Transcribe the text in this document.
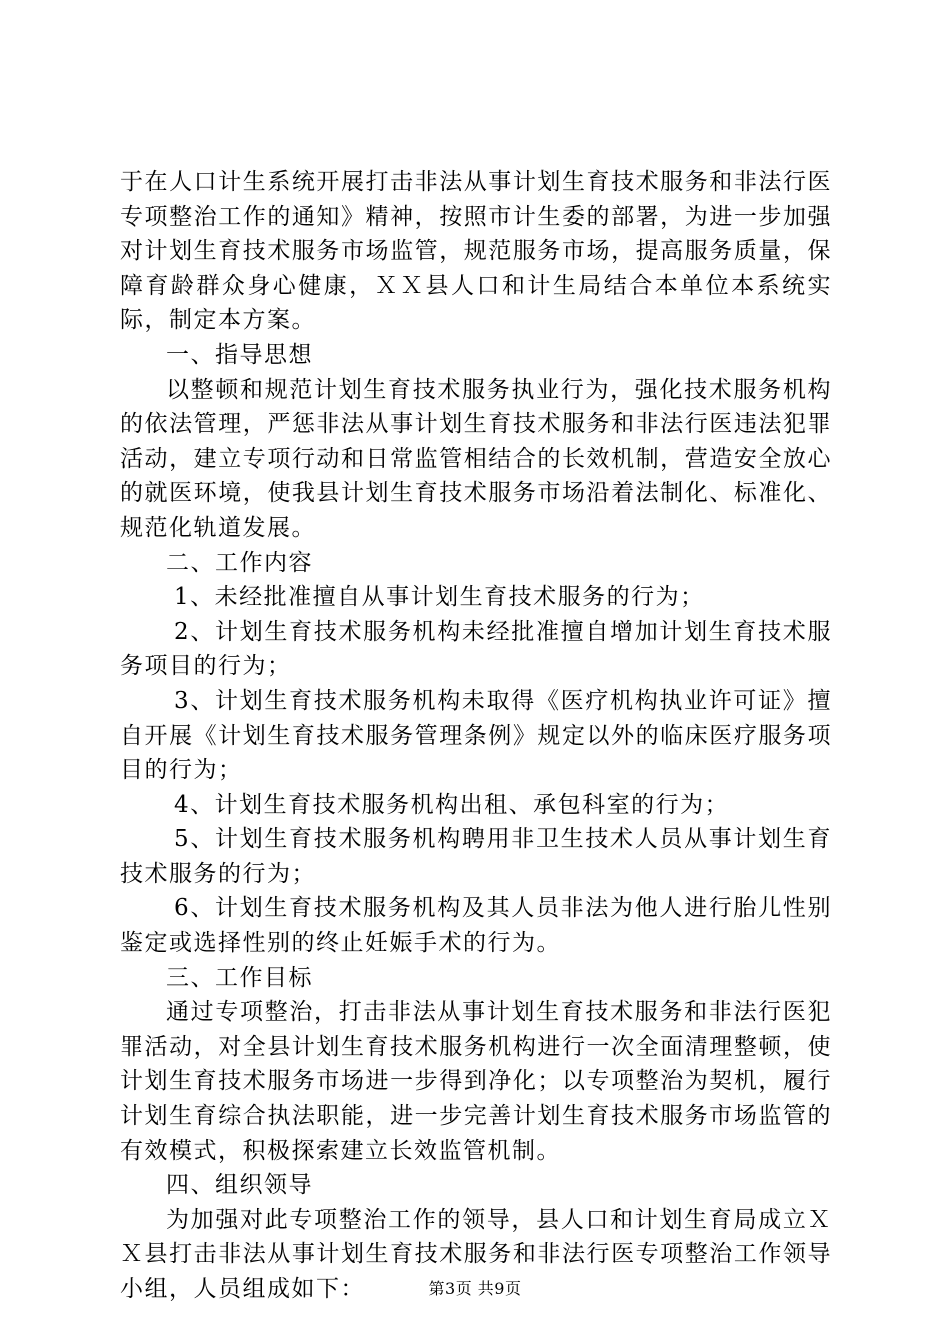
于在人口计生系统开展打击非法从事计划生育技术服务和非法行医专项整治工作的通知》精神，按照市计生委的部署，为进一步加强对计划生育技术服务市场监管，规范服务市场，提高服务质量，保障育龄群众身心健康，ＸＸ县人口和计生局结合本单位本系统实际，制定本方案。

一、指导思想

以整顿和规范计划生育技术服务执业行为，强化技术服务机构的依法管理，严惩非法从事计划生育技术服务和非法行医违法犯罪活动，建立专项行动和日常监管相结合的长效机制，营造安全放心的就医环境，使我县计划生育技术服务市场沿着法制化、标准化、规范化轨道发展。

二、工作内容

1、未经批准擅自从事计划生育技术服务的行为；

2、计划生育技术服务机构未经批准擅自增加计划生育技术服务项目的行为；

3、计划生育技术服务机构未取得《医疗机构执业许可证》擅自开展《计划生育技术服务管理条例》规定以外的临床医疗服务项目的行为；

4、计划生育技术服务机构出租、承包科室的行为；

5、计划生育技术服务机构聘用非卫生技术人员从事计划生育技术服务的行为；

6、计划生育技术服务机构及其人员非法为他人进行胎儿性别鉴定或选择性别的终止妊娠手术的行为。

三、工作目标

通过专项整治，打击非法从事计划生育技术服务和非法行医犯罪活动，对全县计划生育技术服务机构进行一次全面清理整顿，使计划生育技术服务市场进一步得到净化；以专项整治为契机，履行计划生育综合执法职能，进一步完善计划生育技术服务市场监管的有效模式，积极探索建立长效监管机制。

四、组织领导

为加强对此专项整治工作的领导，县人口和计划生育局成立ＸＸ县打击非法从事计划生育技术服务和非法行医专项整治工作领导小组，人员组成如下：	第3页 共9页
